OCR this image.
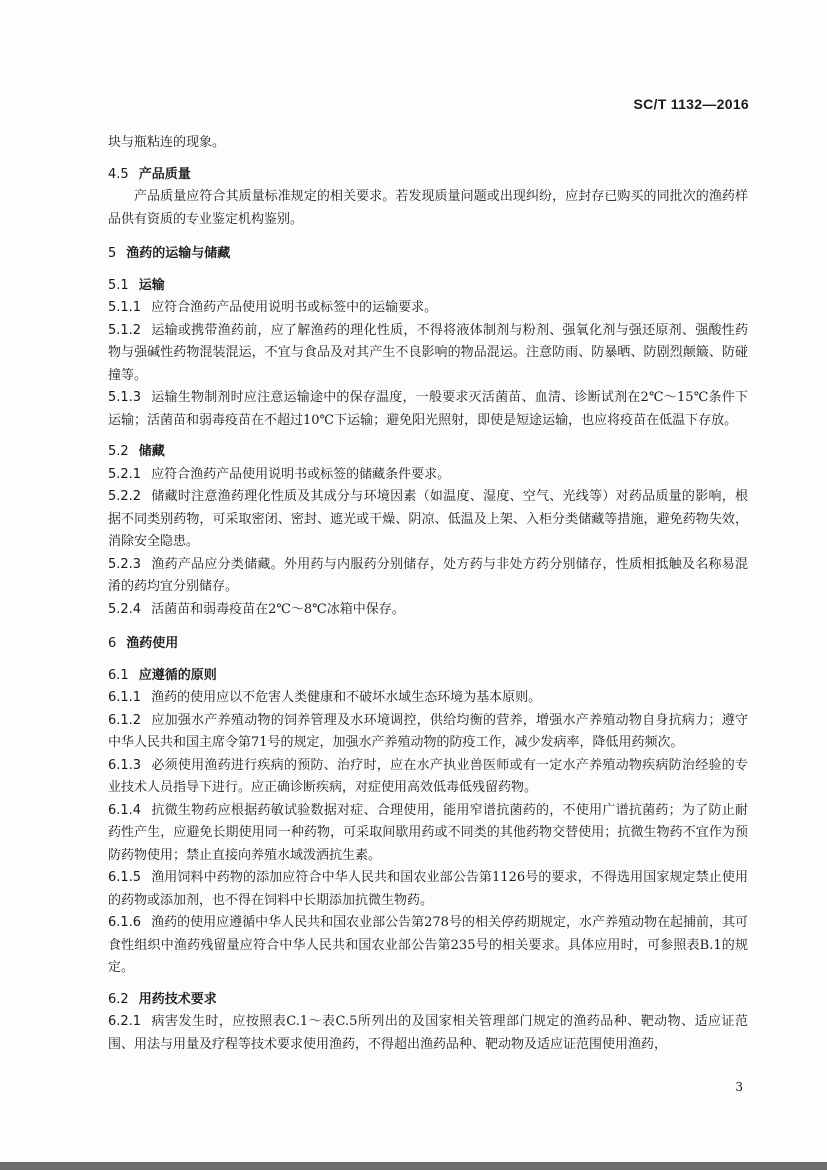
SC/T 1132—2016

块与瓶粘连的现象。

4.5 产品质量

产品质量应符合其质量标准规定的相关要求。若发现质量问题或出现纠纷，应封存已购买的同批次的渔药样品供有资质的专业鉴定机构鉴别。

5 渔药的运输与储藏

5.1 运输

5.1.1 应符合渔药产品使用说明书或标签中的运输要求。

5.1.2 运输或携带渔药前，应了解渔药的理化性质，不得将液体制剂与粉剂、强氧化剂与强还原剂、强酸性药物与强碱性药物混装混运，不宜与食品及对其产生不良影响的物品混运。注意防雨、防暴晒、防剧烈颠簸、防碰撞等。

5.1.3 运输生物制剂时应注意运输途中的保存温度，一般要求灭活菌苗、血清、诊断试剂在2℃～15℃条件下运输；活菌苗和弱毒疫苗在不超过10℃下运输；避免阳光照射，即使是短途运输，也应将疫苗在低温下存放。

5.2 储藏

5.2.1 应符合渔药产品使用说明书或标签的储藏条件要求。

5.2.2 储藏时注意渔药理化性质及其成分与环境因素（如温度、湿度、空气、光线等）对药品质量的影响，根据不同类别药物，可采取密闭、密封、遮光或干燥、阴凉、低温及上架、入柜分类储藏等措施，避免药物失效，消除安全隐患。

5.2.3 渔药产品应分类储藏。外用药与内服药分别储存，处方药与非处方药分别储存，性质相抵触及名称易混淆的药均宜分别储存。

5.2.4 活菌苗和弱毒疫苗在2℃～8℃冰箱中保存。

6 渔药使用

6.1 应遵循的原则

6.1.1 渔药的使用应以不危害人类健康和不破坏水域生态环境为基本原则。

6.1.2 应加强水产养殖动物的饲养管理及水环境调控，供给均衡的营养，增强水产养殖动物自身抗病力；遵守中华人民共和国主席令第71号的规定，加强水产养殖动物的防疫工作，减少发病率，降低用药频次。

6.1.3 必须使用渔药进行疾病的预防、治疗时，应在水产执业兽医师或有一定水产养殖动物疾病防治经验的专业技术人员指导下进行。应正确诊断疾病，对症使用高效低毒低残留药物。

6.1.4 抗微生物药应根据药敏试验数据对症、合理使用，能用窄谱抗菌药的，不使用广谱抗菌药；为了防止耐药性产生，应避免长期使用同一种药物，可采取间歇用药或不同类的其他药物交替使用；抗微生物药不宜作为预防药物使用；禁止直接向养殖水域泼洒抗生素。

6.1.5 渔用饲料中药物的添加应符合中华人民共和国农业部公告第1126号的要求，不得选用国家规定禁止使用的药物或添加剂，也不得在饲料中长期添加抗微生物药。

6.1.6 渔药的使用应遵循中华人民共和国农业部公告第278号的相关停药期规定，水产养殖动物在起捕前，其可食性组织中渔药残留量应符合中华人民共和国农业部公告第235号的相关要求。具体应用时，可参照表B.1的规定。

6.2 用药技术要求

6.2.1 病害发生时，应按照表C.1～表C.5所列出的及国家相关管理部门规定的渔药品种、靶动物、适应证范围、用法与用量及疗程等技术要求使用渔药，不得超出渔药品种、靶动物及适应证范围使用渔药，

3
